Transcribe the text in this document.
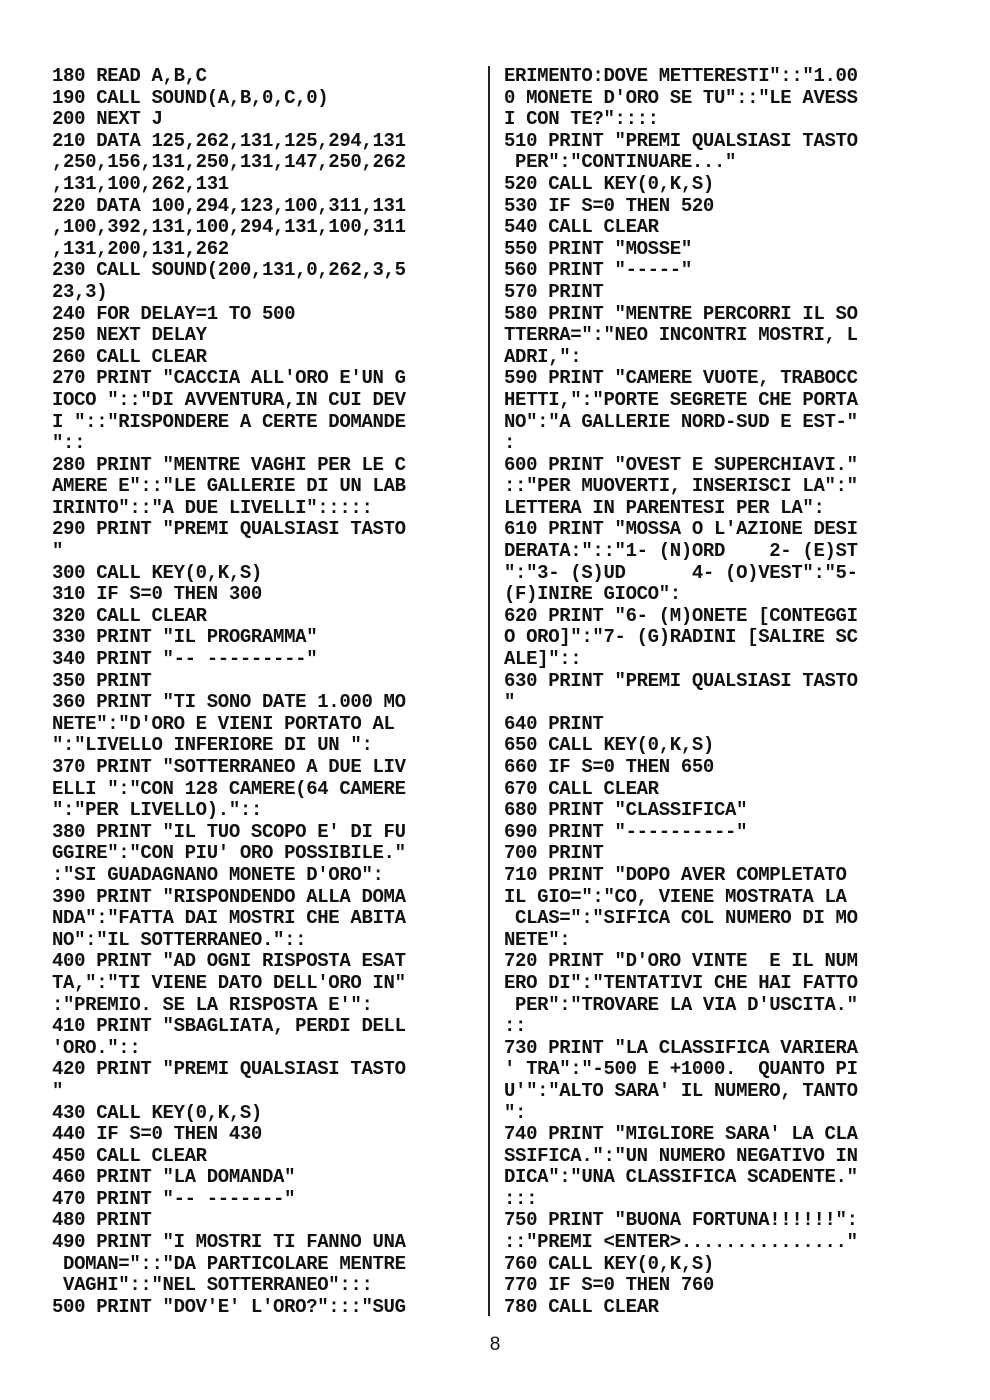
180 READ A,B,C
190 CALL SOUND(A,B,0,C,0)
200 NEXT J
210 DATA 125,262,131,125,294,131
,250,156,131,250,131,147,250,262
,131,100,262,131
220 DATA 100,294,123,100,311,131
,100,392,131,100,294,131,100,311
,131,200,131,262
230 CALL SOUND(200,131,0,262,3,5
23,3)
240 FOR DELAY=1 TO 500
250 NEXT DELAY
260 CALL CLEAR
270 PRINT "CACCIA ALL'ORO E'UN G
IOCO "::"DI AVVENTURA,IN CUI DEV
I "::"RISPONDERE A CERTE DOMANDE
"::
280 PRINT "MENTRE VAGHI PER LE C
AMERE E"::"LE GALLERIE DI UN LAB
IRINTO"::"A DUE LIVELLI":::::
290 PRINT "PREMI QUALSIASI TASTO
"
300 CALL KEY(0,K,S)
310 IF S=0 THEN 300
320 CALL CLEAR
330 PRINT "IL PROGRAMMA"
340 PRINT "-- ---------"
350 PRINT
360 PRINT "TI SONO DATE 1.000 MO
NETE":"D'ORO E VIENI PORTATO AL
":"LIVELLO INFERIORE DI UN ":
370 PRINT "SOTTERRANEO A DUE LIV
ELLI ":"CON 128 CAMERE(64 CAMERE
":"PER LIVELLO)."::
380 PRINT "IL TUO SCOPO E' DI FU
GGIRE":"CON PIU' ORO POSSIBILE."
:"SI GUADAGNANO MONETE D'ORO":
390 PRINT "RISPONDENDO ALLA DOMA
NDA":"FATTA DAI MOSTRI CHE ABITA
NO":"IL SOTTERRANEO."::
400 PRINT "AD OGNI RISPOSTA ESAT
TA,":"TI VIENE DATO DELL'ORO IN"
:"PREMIO. SE LA RISPOSTA E'":
410 PRINT "SBAGLIATA, PERDI DELL
'ORO."::
420 PRINT "PREMI QUALSIASI TASTO
"
430 CALL KEY(0,K,S)
440 IF S=0 THEN 430
450 CALL CLEAR
460 PRINT "LA DOMANDA"
470 PRINT "-- -------"
480 PRINT
490 PRINT "I MOSTRI TI FANNO UNA
DOMAN="::"DA PARTICOLARE MENTRE
VAGHI"::"NEL SOTTERRANEO":::
500 PRINT "DOV'E' L'ORO?":::"SUG
ERIMENTO:DOVE METTERESTI"::"1.00
0 MONETE D'ORO SE TU"::"LE AVESS
I CON TE?"::::
510 PRINT "PREMI QUALSIASI TASTO
PER":"CONTINUARE..."
520 CALL KEY(0,K,S)
530 IF S=0 THEN 520
540 CALL CLEAR
550 PRINT "MOSSE"
560 PRINT "-----"
570 PRINT
580 PRINT "MENTRE PERCORRI IL SO
TTERRA=":"NEO INCONTRI MOSTRI, L
ADRI,":
590 PRINT "CAMERE VUOTE, TRABOCC
HETTI,":"PORTE SEGRETE CHE PORTA
NO":"A GALLERIE NORD-SUD E EST-"
:
600 PRINT "OVEST E SUPERCHIAVI."
::"PER MUOVERTI, INSERISCI LA":"
LETTERA IN PARENTESI PER LA":
610 PRINT "MOSSA O L'AZIONE DESI
DERATA:"::"1- (N)ORD    2- (E)ST
":"3- (S)UD      4- (O)VEST":"5-
(F)INIRE GIOCO":
620 PRINT "6- (M)ONETE [CONTEGGI
O ORO]":"7- (G)RADINI [SALIRE SC
ALE]"::
630 PRINT "PREMI QUALSIASI TASTO
"
640 PRINT
650 CALL KEY(0,K,S)
660 IF S=0 THEN 650
670 CALL CLEAR
680 PRINT "CLASSIFICA"
690 PRINT "----------"
700 PRINT
710 PRINT "DOPO AVER COMPLETATO
IL GIO=":"CO, VIENE MOSTRATA LA
CLAS=":"SIFICA COL NUMERO DI MO
NETE":
720 PRINT "D'ORO VINTE  E IL NUM
ERO DI":"TENTATIVI CHE HAI FATTO
PER":"TROVARE LA VIA D'USCITA."
::
730 PRINT "LA CLASSIFICA VARIERA
' TRA":"-500 E +1000.  QUANTO PI
U'":"ALTO SARA' IL NUMERO, TANTO
":
740 PRINT "MIGLIORE SARA' LA CLA
SSIFICA.":"UN NUMERO NEGATIVO IN
DICA":"UNA CLASSIFICA SCADENTE."
:::
750 PRINT "BUONA FORTUNA!!!!!!":
::"PREMI <ENTER>..............."
760 CALL KEY(0,K,S)
770 IF S=0 THEN 760
780 CALL CLEAR
8
